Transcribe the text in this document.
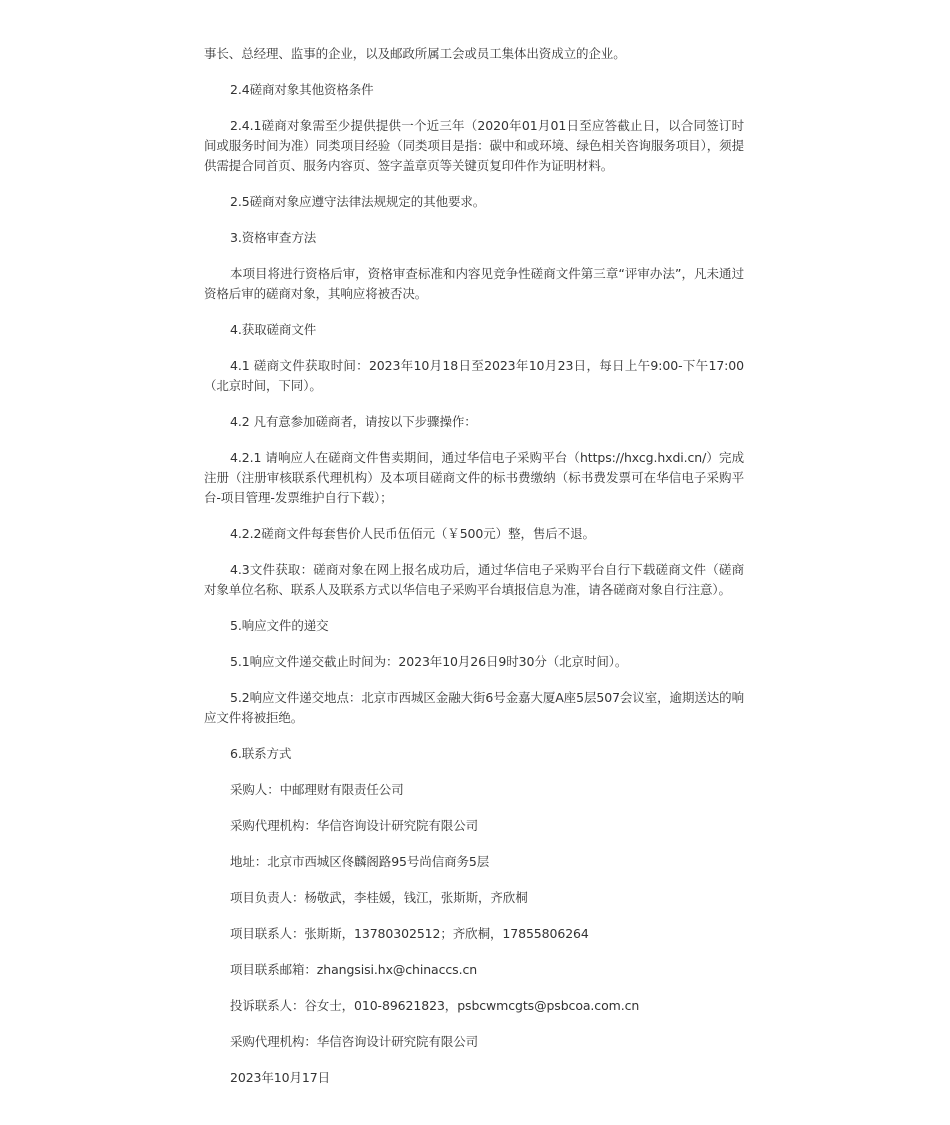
事长、总经理、监事的企业，以及邮政所属工会或员工集体出资成立的企业。

2.4磋商对象其他资格条件

2.4.1磋商对象需至少提供提供一个近三年（2020年01月01日至应答截止日，以合同签订时间或服务时间为准）同类项目经验（同类项目是指：碳中和或环境、绿色相关咨询服务项目），须提供需提合同首页、服务内容页、签字盖章页等关键页复印件作为证明材料。

2.5磋商对象应遵守法律法规规定的其他要求。

3.资格审查方法

本项目将进行资格后审，资格审查标准和内容见竞争性磋商文件第三章“评审办法”，凡未通过资格后审的磋商对象，其响应将被否决。

4.获取磋商文件

4.1 磋商文件获取时间：2023年10月18日至2023年10月23日，每日上午9:00-下午17:00（北京时间，下同）。

4.2 凡有意参加磋商者，请按以下步骤操作：

4.2.1 请响应人在磋商文件售卖期间，通过华信电子采购平台（https://hxcg.hxdi.cn/）完成注册（注册审核联系代理机构）及本项目磋商文件的标书费缴纳（标书费发票可在华信电子采购平台-项目管理-发票维护自行下载）；

4.2.2磋商文件每套售价人民币伍佰元（￥500元）整，售后不退。

4.3文件获取：磋商对象在网上报名成功后，通过华信电子采购平台自行下载磋商文件（磋商对象单位名称、联系人及联系方式以华信电子采购平台填报信息为准，请各磋商对象自行注意）。

5.响应文件的递交

5.1响应文件递交截止时间为：2023年10月26日9时30分（北京时间）。

5.2响应文件递交地点：北京市西城区金融大街6号金嘉大厦A座5层507会议室，逾期送达的响应文件将被拒绝。

6.联系方式

采购人：中邮理财有限责任公司

采购代理机构：华信咨询设计研究院有限公司

地址：北京市西城区佟麟阁路95号尚信商务5层

项目负责人：杨敬武，李桂媛，钱江，张斯斯，齐欣桐

项目联系人：张斯斯，13780302512；齐欣桐，17855806264

项目联系邮箱：zhangsisi.hx@chinaccs.cn

投诉联系人：谷女士，010-89621823，psbcwmcgts@psbcoa.com.cn

采购代理机构：华信咨询设计研究院有限公司

2023年10月17日
